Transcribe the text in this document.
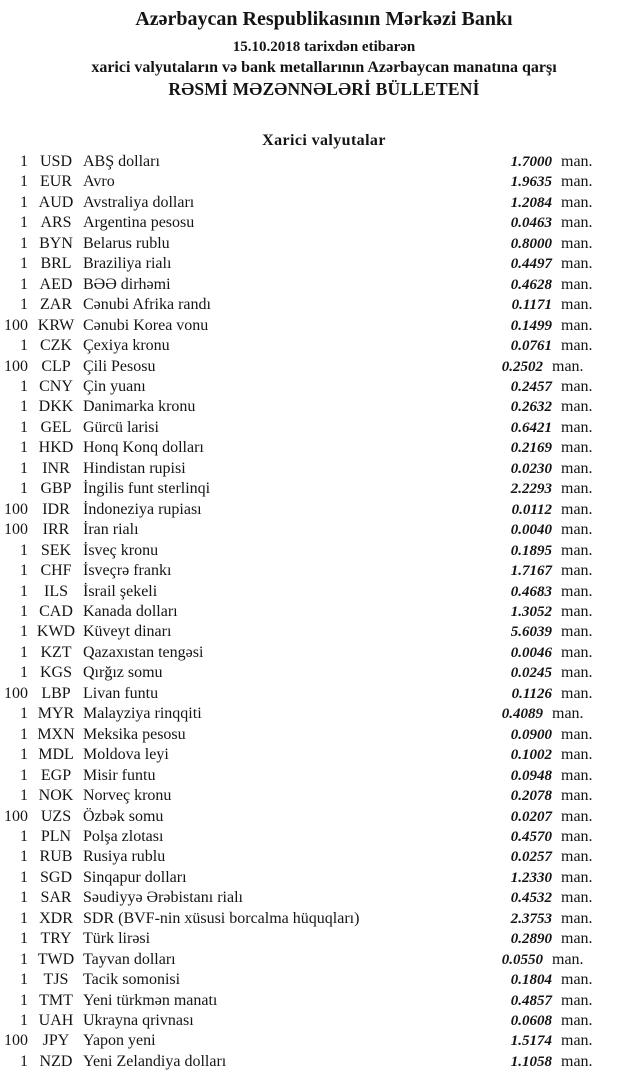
Azərbaycan Respublikasının Mərkəzi Bankı
15.10.2018 tarixdən etibarən
xarici valyutaların və bank metallarının Azərbaycan manatına qarşı
RƏSMİ MƏZƏNNƏLƏRİ BÜLLETENİ
Xarici valyutalar
1 USD ABŞ dolları	1.7000 man.
1 EUR Avro	1.9635 man.
1 AUD Avstraliya dolları	1.2084 man.
1 ARS Argentina pesosu	0.0463 man.
1 BYN Belarus rublu	0.8000 man.
1 BRL Braziliya rialı	0.4497 man.
1 AED BƏƏ dirhəmi	0.4628 man.
1 ZAR Cənubi Afrika randı	0.1171 man.
100 KRW Cənubi Korea vonu	0.1499 man.
1 CZK Çexiya kronu	0.0761 man.
100 CLP Çili Pesosu	0.2502 man.
1 CNY Çin yuanı	0.2457 man.
1 DKK Danimarka kronu	0.2632 man.
1 GEL Gürcü larisi	0.6421 man.
1 HKD Honq Konq dolları	0.2169 man.
1 INR Hindistan rupisi	0.0230 man.
1 GBP İngilis funt sterlinqi	2.2293 man.
100 IDR İndoneziya rupiası	0.0112 man.
100 IRR İran rialı	0.0040 man.
1 SEK İsveç kronu	0.1895 man.
1 CHF İsveçrə frankı	1.7167 man.
1	ILS İsrail şekeli	0.4683 man.
1 CAD Kanada dolları	1.3052 man.
1 KWD Küveyt dinarı	5.6039 man.
1 KZT Qazaxıstan tengəsi	0.0046 man.
1 KGS Qırğız somu	0.0245 man.
100 LBP Livan funtu	0.1126 man.
1 MYR Malayziya rinqqiti	0.4089 man.
1 MXN Meksika pesosu	0.0900 man.
1 MDL Moldova leyi	0.1002 man.
1 EGP Misir funtu	0.0948 man.
1 NOK Norveç kronu	0.2078 man.
100 UZS Özbək somu	0.0207 man.
1 PLN Polşa zlotası	0.4570 man.
1 RUB Rusiya rublu	0.0257 man.
1 SGD Sinqapur dolları	1.2330 man.
1 SAR Səudiyyə Ərəbistanı rialı	0.4532 man.
1 XDR SDR (BVF-nin xüsusi borcalma hüquqları)	2.3753 man.
1 TRY Türk lirəsi	0.2890 man.
1 TWD Tayvan dolları	0.0550 man.
1 TJS Tacik somonisi	0.1804 man.
1 TMT Yeni türkmən manatı	0.4857 man.
1 UAH Ukrayna qrivnası	0.0608 man.
100 JPY Yapon yeni	1.5174 man.
1 NZD Yeni Zelandiya dolları	1.1058 man.
